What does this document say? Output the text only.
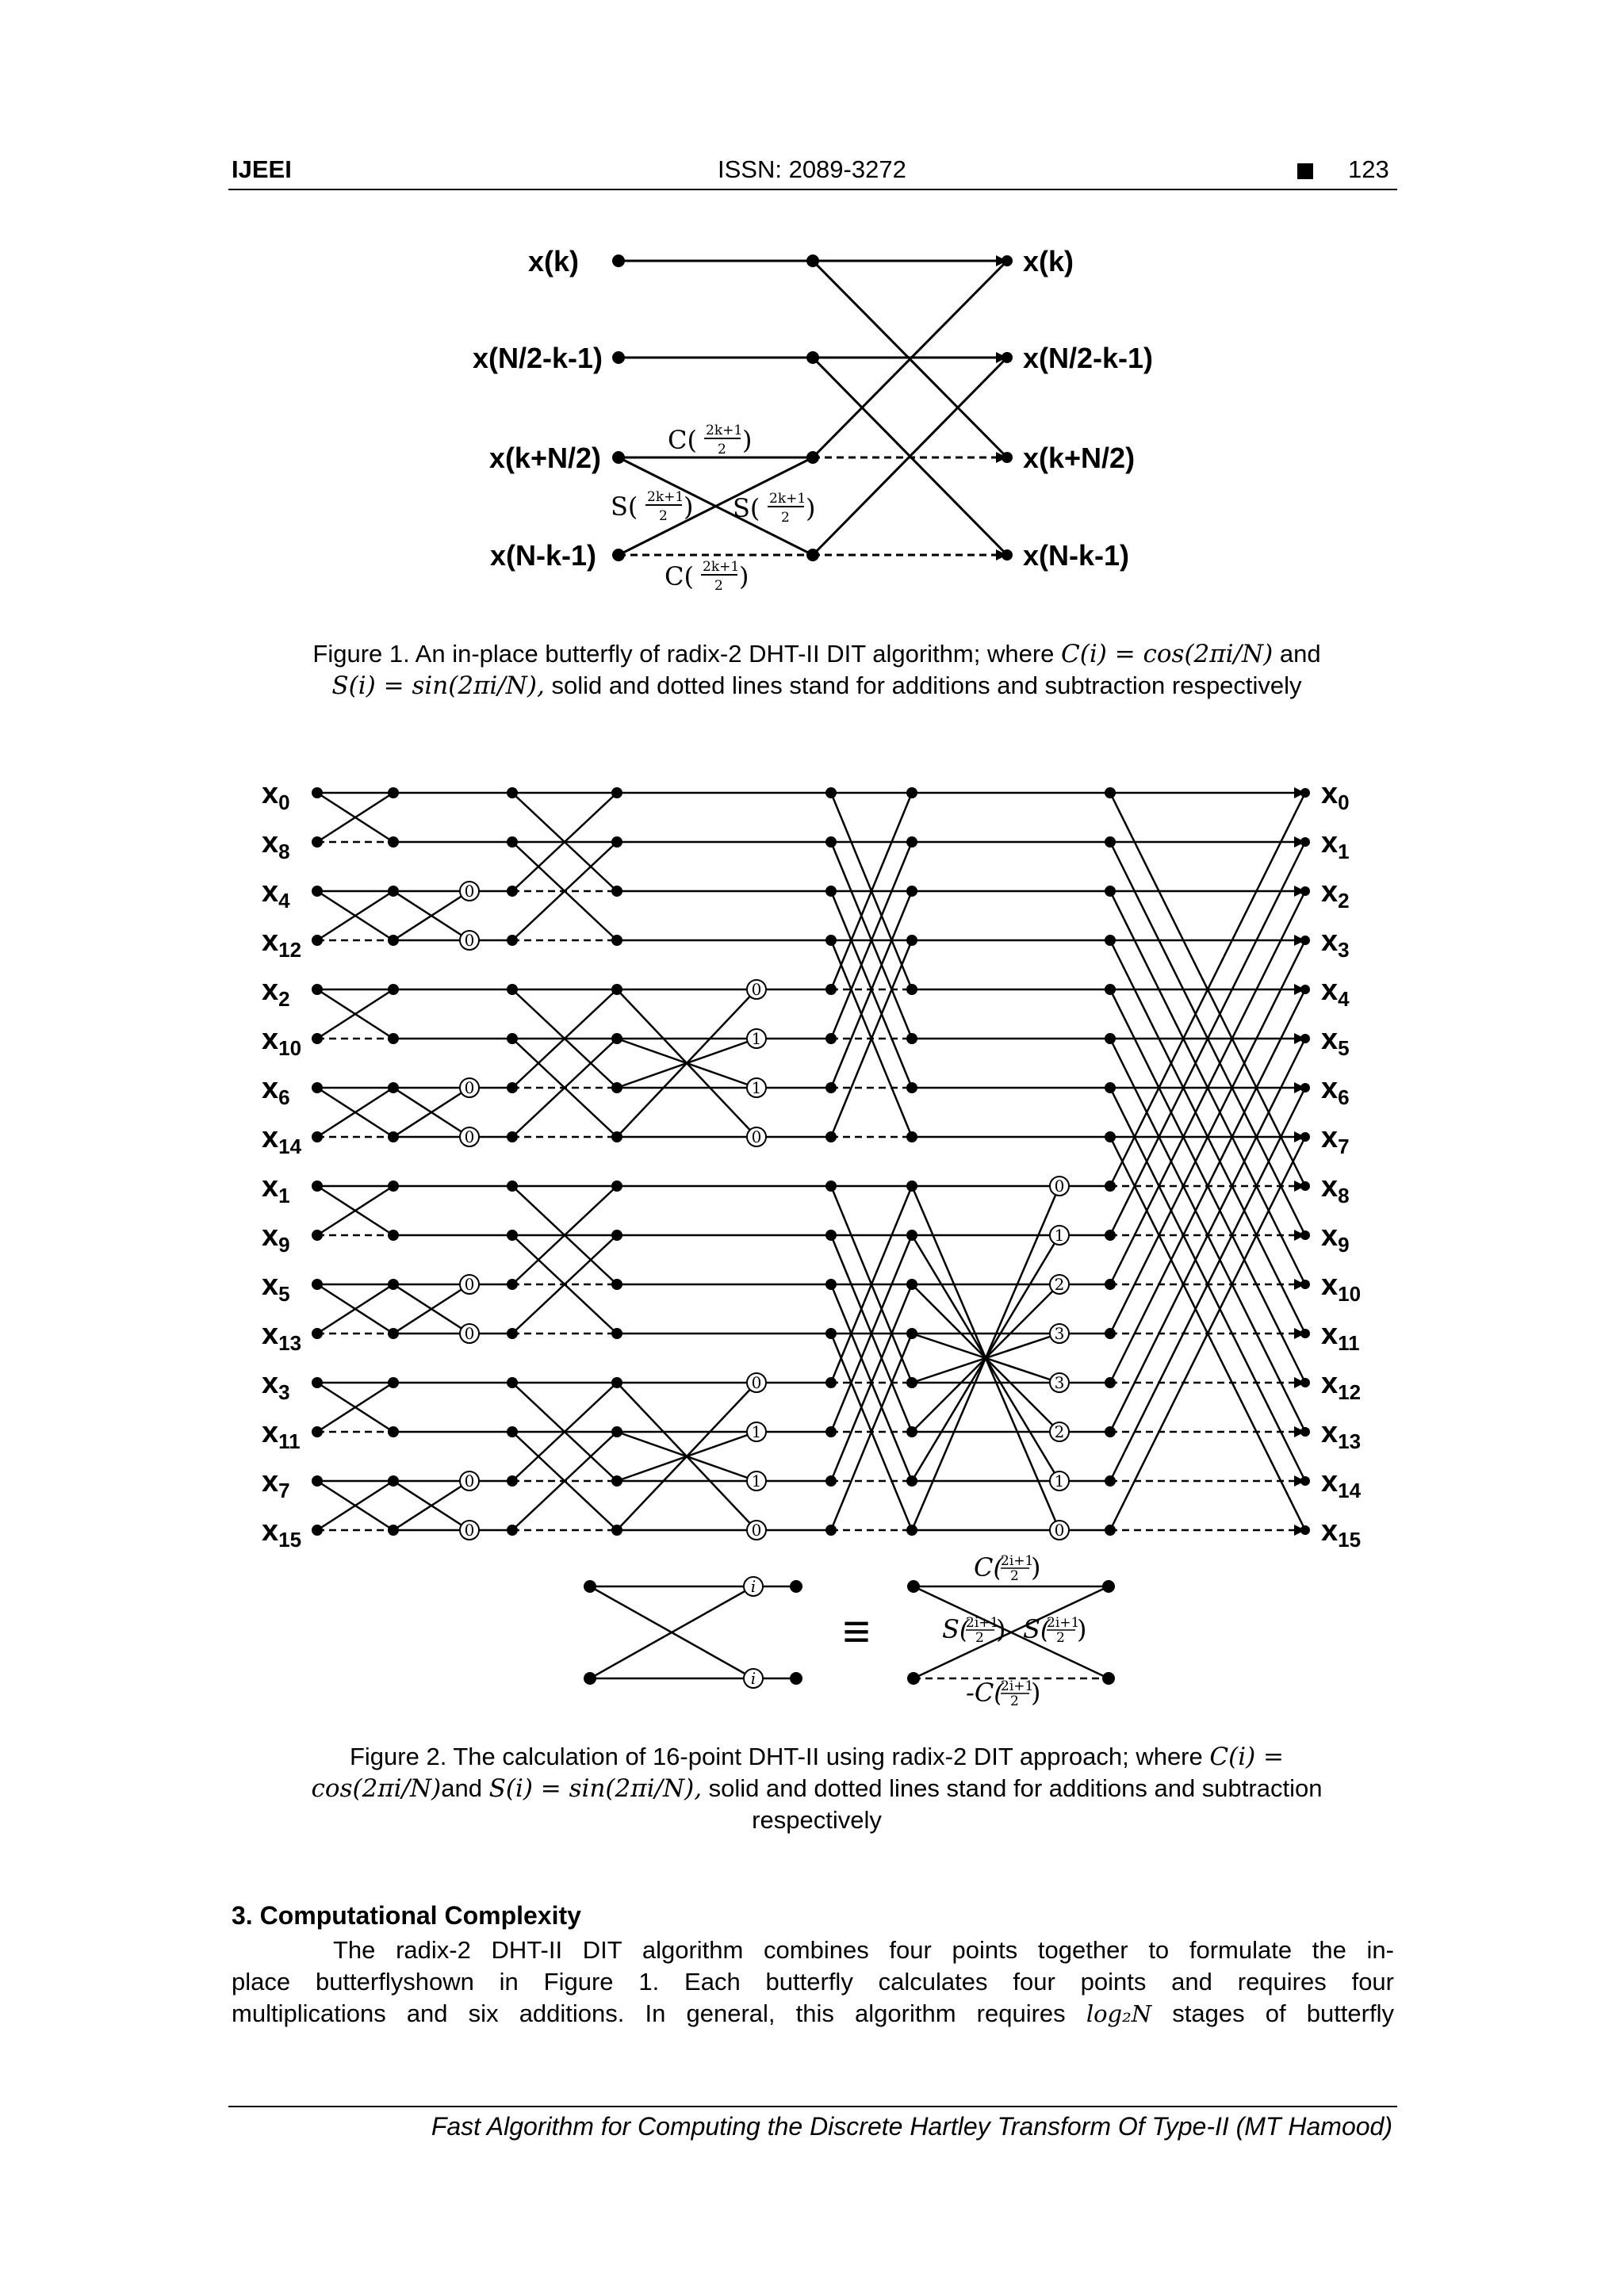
IJEEI	ISSN: 2089-3272	123
x(k)
x(N/2-k-1)
x(k+N/2)
x(N-k-1)
x(k)
x(N/2-k-1)
x(k+N/2)
x(N-k-1)
C( 2k+1
2 )
S( 2k+1
2 ) S( 2k+1
2 )
C( 2k+1
2 )
Figure 1. An in-place butterfly of radix-2 DHT-II DIT algorithm; where C(i) = cos(2πi/N) and
S(i) = sin(2πi/N), solid and dotted lines stand for additions and subtraction respectively
0
0
0
0
0
0
0
0
0
1
1
0
0
1
1
0
0
1
2
3
3
2
1
0
$x_0$	$x_0$
$x_8$	$x_1$
$x_4$	$x_2$
$x_{12}$	$x_3$
$x_2$	$x_4$
$x_{10}$	$x_5$
$x_6$	$x_6$
$x_{14}$	$x_7$
$x_1$	$x_8$
$x_9$	$x_9$
$x_5$	$x_{10}$
$x_{13}$	$x_{11}$
$x_3$	$x_{12}$
$x_{11}$	$x_{13}$
$x_7$	$x_{14}$
$x_{15}$	$x_{15}$
i
i
≡
C(
2i+1
2 )
S(
2i+1
2 ) S(
2i+1
2 )
-C(
2i+1
2 )
Figure 2. The calculation of 16-point DHT-II using radix-2 DIT approach; where C(i) =
cos(2πi/N)and S(i) = sin(2πi/N), solid and dotted lines stand for additions and subtraction
respectively
3. Computational Complexity
The radix-2 DHT-II DIT algorithm combines four points together to formulate the in-
place butterflyshown in Figure 1. Each butterfly calculates four points and requires four
multiplications and six additions. In general, this algorithm requires log₂N stages of butterfly
Fast Algorithm for Computing the Discrete Hartley Transform Of Type-II (MT Hamood)
